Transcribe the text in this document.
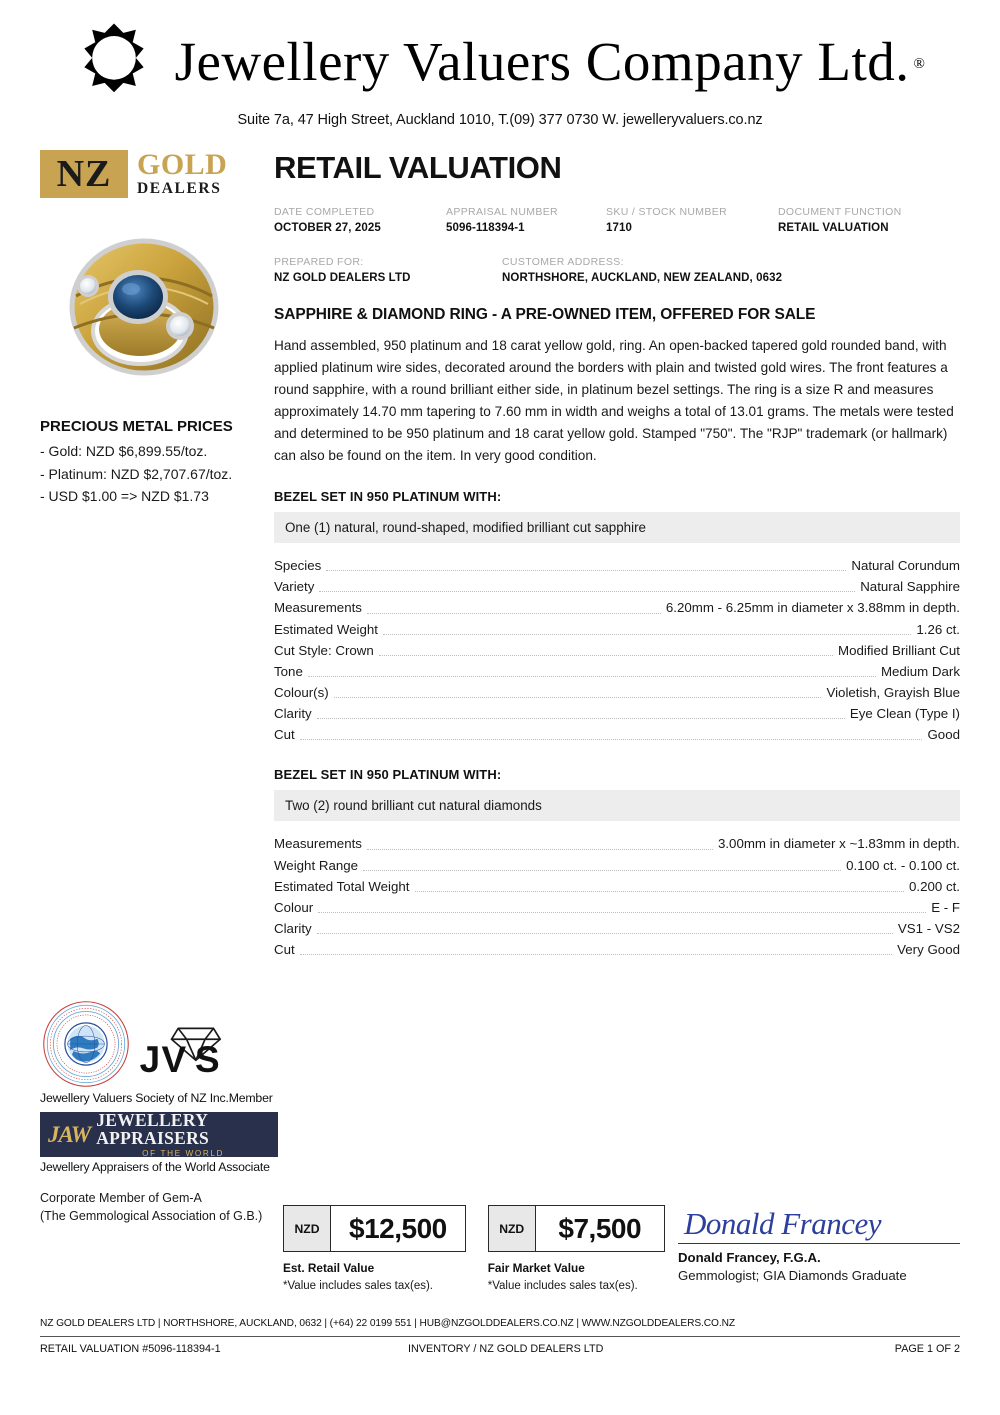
Jewellery Valuers Company Ltd. ®
Suite 7a, 47 High Street, Auckland 1010, T.(09) 377 0730 W. jewelleryvaluers.co.nz
NZ GOLD
DEALERS
PRECIOUS METAL PRICES
- Gold: NZD $6,899.55/toz.
- Platinum: NZD $2,707.67/toz.
- USD $1.00 => NZD $1.73
RETAIL VALUATION
DATE COMPLETED
OCTOBER 27, 2025
APPRAISAL NUMBER
5096-118394-1
SKU / STOCK NUMBER
1710
DOCUMENT FUNCTION
RETAIL VALUATION
PREPARED FOR:
NZ GOLD DEALERS LTD
CUSTOMER ADDRESS:
NORTHSHORE, AUCKLAND, NEW ZEALAND, 0632
SAPPHIRE & DIAMOND RING - A PRE-OWNED ITEM, OFFERED FOR SALE
Hand assembled, 950 platinum and 18 carat yellow gold, ring. An open-backed tapered gold rounded band, with applied platinum wire sides, decorated around the borders with plain and twisted gold wires. The front features a round sapphire, with a round brilliant either side, in platinum bezel settings. The ring is a size R and measures approximately 14.70 mm tapering to 7.60 mm in width and weighs a total of 13.01 grams. The metals were tested and determined to be 950 platinum and 18 carat yellow gold. Stamped "750". The "RJP" trademark (or hallmark) can also be found on the item. In very good condition.
BEZEL SET IN 950 PLATINUM WITH:
One (1) natural, round-shaped, modified brilliant cut sapphire
Species	Natural Corundum
Variety	Natural Sapphire
Measurements	6.20mm - 6.25mm in diameter x 3.88mm in depth.
Estimated Weight	1.26 ct.
Cut Style: Crown	Modified Brilliant Cut
Tone	Medium Dark
Colour(s)	Violetish, Grayish Blue
Clarity	Eye Clean (Type I)
Cut	Good
BEZEL SET IN 950 PLATINUM WITH:
Two (2) round brilliant cut natural diamonds
Measurements	3.00mm in diameter x ~1.83mm in depth.
Weight Range	0.100 ct. - 0.100 ct.
Estimated Total Weight	0.200 ct.
Colour	E - F
Clarity	VS1 - VS2
Cut	Very Good
J V S
Jewellery Valuers Society of NZ Inc.Member
JAW
JEWELLERY APPRAISERS
OF THE WORLD
Jewellery Appraisers of the World Associate
Corporate Member of Gem-A
(The Gemmological Association of G.B.)
NZD	$12,500
Est. Retail Value
*Value includes sales tax(es).
NZD	$7,500
Fair Market Value
*Value includes sales tax(es).
Donald Francey
Donald Francey, F.G.A.
Gemmologist; GIA Diamonds Graduate
NZ GOLD DEALERS LTD | NORTHSHORE, AUCKLAND, 0632 | (+64) 22 0199 551 | HUB@NZGOLDDEALERS.CO.NZ | WWW.NZGOLDDEALERS.CO.NZ
RETAIL VALUATION #5096-118394-1	INVENTORY / NZ GOLD DEALERS LTD	PAGE 1 OF 2
